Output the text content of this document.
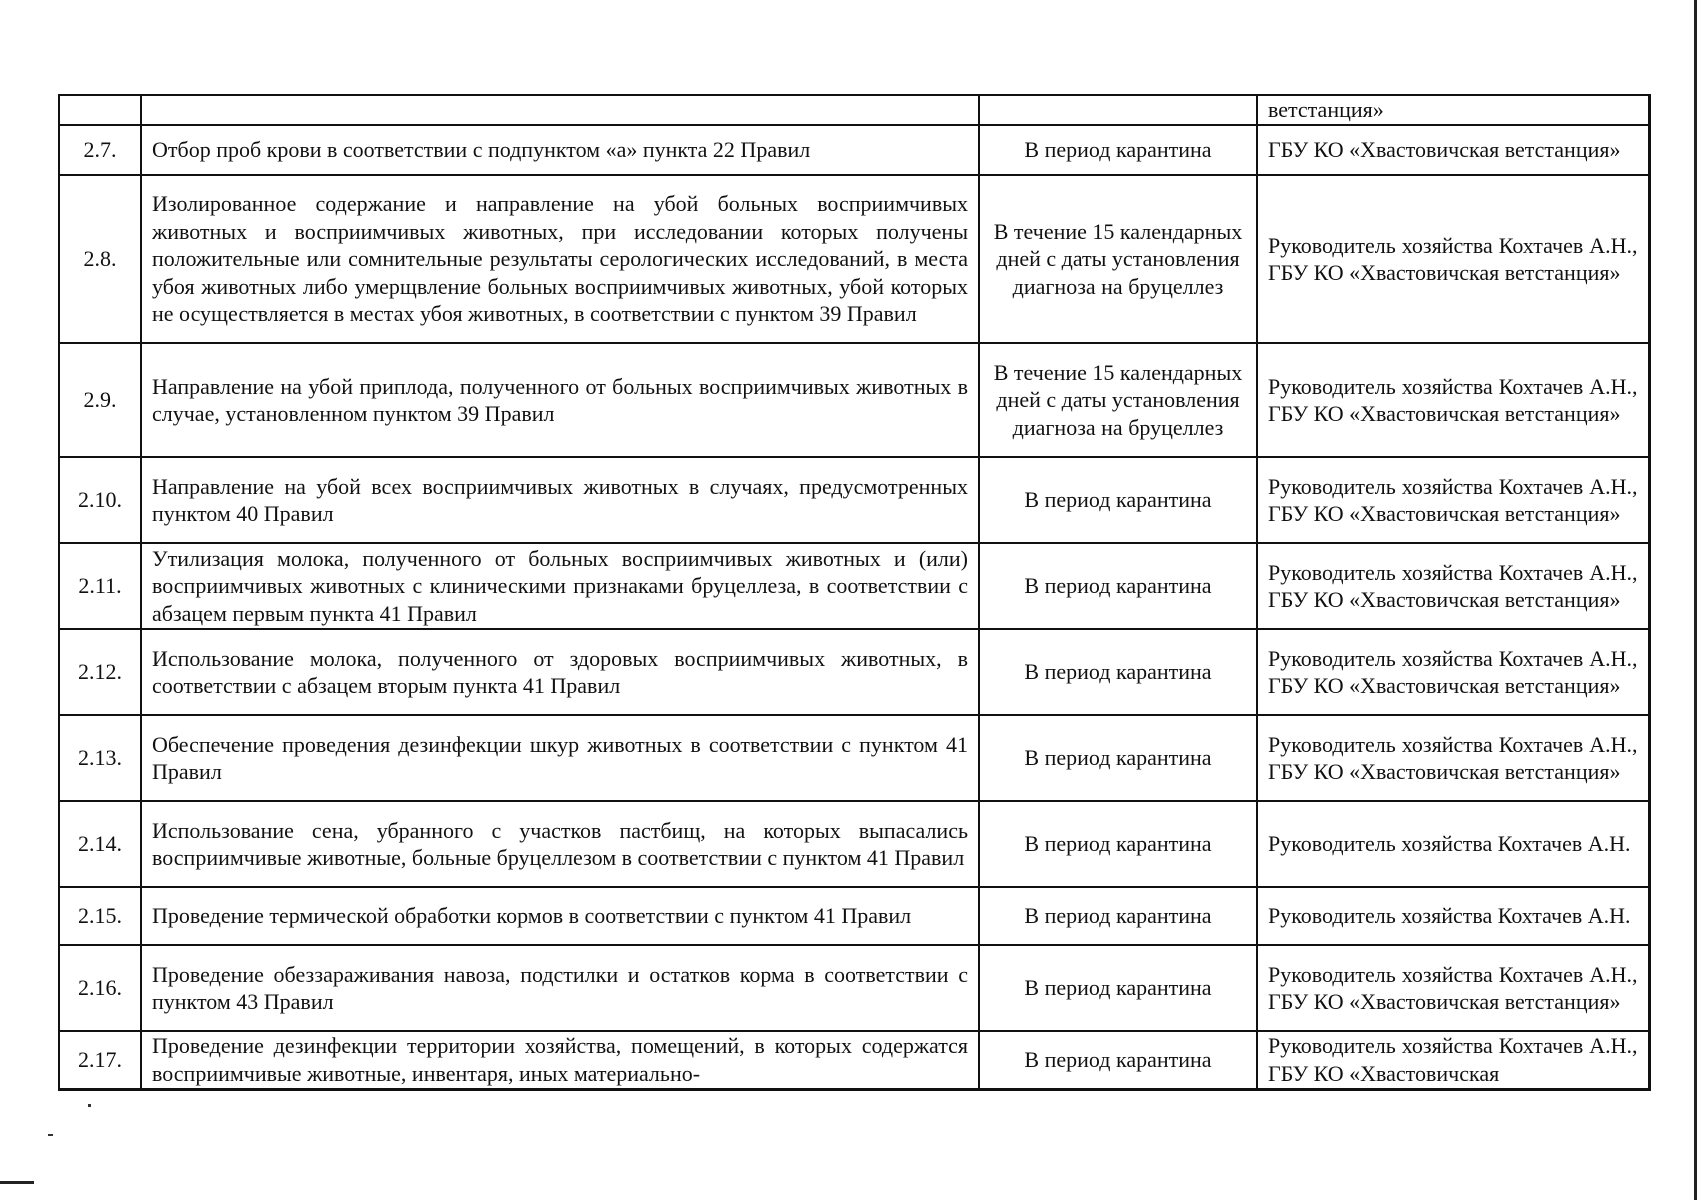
			ветстанция»
2.7.	Отбор проб крови в соответствии с подпунктом «а» пункта 22 Правил	В период карантина	ГБУ КО «Хвастовичская ветстанция»
2.8.	Изолированное содержание и направление на убой больных восприимчивых животных и восприимчивых животных, при исследовании которых получены положительные или сомнительные результаты серологических исследований, в места убоя животных либо умерщвление больных восприимчивых животных, убой которых не осуществляется в местах убоя животных, в соответствии с пунктом 39 Правил	В течение 15 календарных дней с даты установления диагноза на бруцеллез	Руководитель хозяйства Кохтачев А.Н., ГБУ КО «Хвастовичская ветстанция»
2.9.	Направление на убой приплода, полученного от больных восприимчивых животных в случае, установленном пунктом 39 Правил	В течение 15 календарных дней с даты установления диагноза на бруцеллез	Руководитель хозяйства Кохтачев А.Н., ГБУ КО «Хвастовичская ветстанция»
2.10.	Направление на убой всех восприимчивых животных в случаях, предусмотренных пунктом 40 Правил	В период карантина	Руководитель хозяйства Кохтачев А.Н., ГБУ КО «Хвастовичская ветстанция»
2.11.	Утилизация молока, полученного от больных восприимчивых животных и (или) восприимчивых животных с клиническими признаками бруцеллеза, в соответствии с абзацем первым пункта 41 Правил	В период карантина	Руководитель хозяйства Кохтачев А.Н., ГБУ КО «Хвастовичская ветстанция»
2.12.	Использование молока, полученного от здоровых восприимчивых животных, в соответствии с абзацем вторым пункта 41 Правил	В период карантина	Руководитель хозяйства Кохтачев А.Н., ГБУ КО «Хвастовичская ветстанция»
2.13.	Обеспечение проведения дезинфекции шкур животных в соответствии с пунктом 41 Правил	В период карантина	Руководитель хозяйства Кохтачев А.Н., ГБУ КО «Хвастовичская ветстанция»
2.14.	Использование сена, убранного с участков пастбищ, на которых выпасались восприимчивые животные, больные бруцеллезом в соответствии с пунктом 41 Правил	В период карантина	Руководитель хозяйства Кохтачев А.Н.
2.15.	Проведение термической обработки кормов в соответствии с пунктом 41 Правил	В период карантина	Руководитель хозяйства Кохтачев А.Н.
2.16.	Проведение обеззараживания навоза, подстилки и остатков корма в соответствии с пунктом 43 Правил	В период карантина	Руководитель хозяйства Кохтачев А.Н., ГБУ КО «Хвастовичская ветстанция»
2.17.	Проведение дезинфекции территории хозяйства, помещений, в которых содержатся восприимчивые животные, инвентаря, иных материально-	В период карантина	Руководитель хозяйства Кохтачев А.Н., ГБУ КО «Хвастовичская
